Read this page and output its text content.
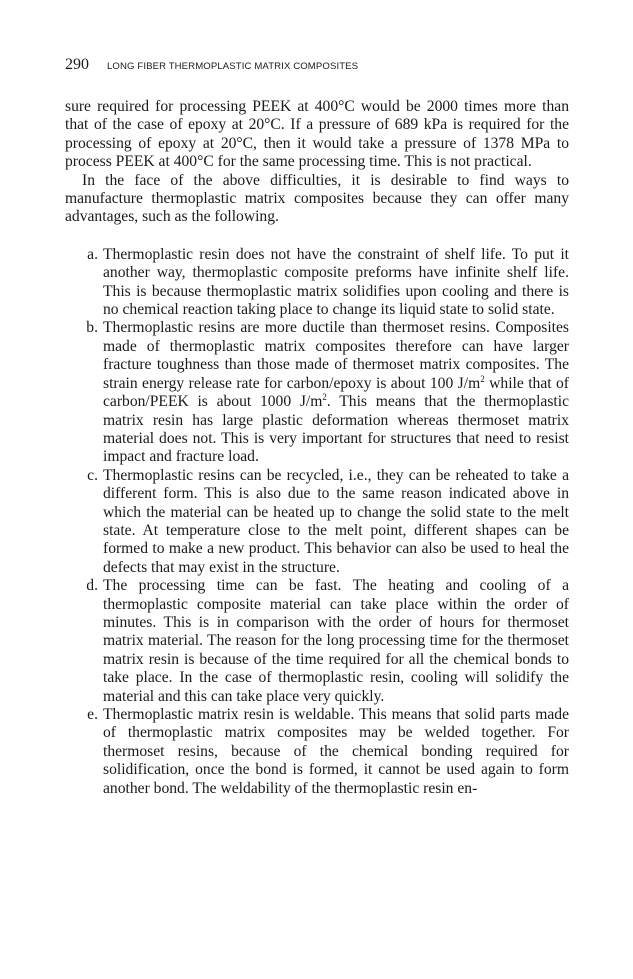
290 LONG FIBER THERMOPLASTIC MATRIX COMPOSITES

sure required for processing PEEK at 400°C would be 2000 times more than that of the case of epoxy at 20°C. If a pressure of 689 kPa is required for the processing of epoxy at 20°C, then it would take a pressure of 1378 MPa to process PEEK at 400°C for the same processing time. This is not practical.

In the face of the above difficulties, it is desirable to find ways to manufacture thermoplastic matrix composites because they can offer many advantages, such as the following.

a. Thermoplastic resin does not have the constraint of shelf life. To put it another way, thermoplastic composite preforms have infinite shelf life. This is because thermoplastic matrix solidifies upon cooling and there is no chemical reaction taking place to change its liquid state to solid state.
b. Thermoplastic resins are more ductile than thermoset resins. Composites made of thermoplastic matrix composites therefore can have larger fracture toughness than those made of thermoset matrix composites. The strain energy release rate for carbon/epoxy is about 100 $J/m^2$ while that of carbon/PEEK is about 1000 $J/m^2$. This means that the thermoplastic matrix resin has large plastic deformation whereas thermoset matrix material does not. This is very important for structures that need to resist impact and fracture load.
c. Thermoplastic resins can be recycled, i.e., they can be reheated to take a different form. This is also due to the same reason indicated above in which the material can be heated up to change the solid state to the melt state. At temperature close to the melt point, different shapes can be formed to make a new product. This behavior can also be used to heal the defects that may exist in the structure.
d. The processing time can be fast. The heating and cooling of a thermoplastic composite material can take place within the order of minutes. This is in comparison with the order of hours for thermoset matrix material. The reason for the long processing time for the thermoset matrix resin is because of the time required for all the chemical bonds to take place. In the case of thermoplastic resin, cooling will solidify the material and this can take place very quickly.
e. Thermoplastic matrix resin is weldable. This means that solid parts made of thermoplastic matrix composites may be welded together. For thermoset resins, because of the chemical bonding required for solidification, once the bond is formed, it cannot be used again to form another bond. The weldability of the thermoplastic resin en-
